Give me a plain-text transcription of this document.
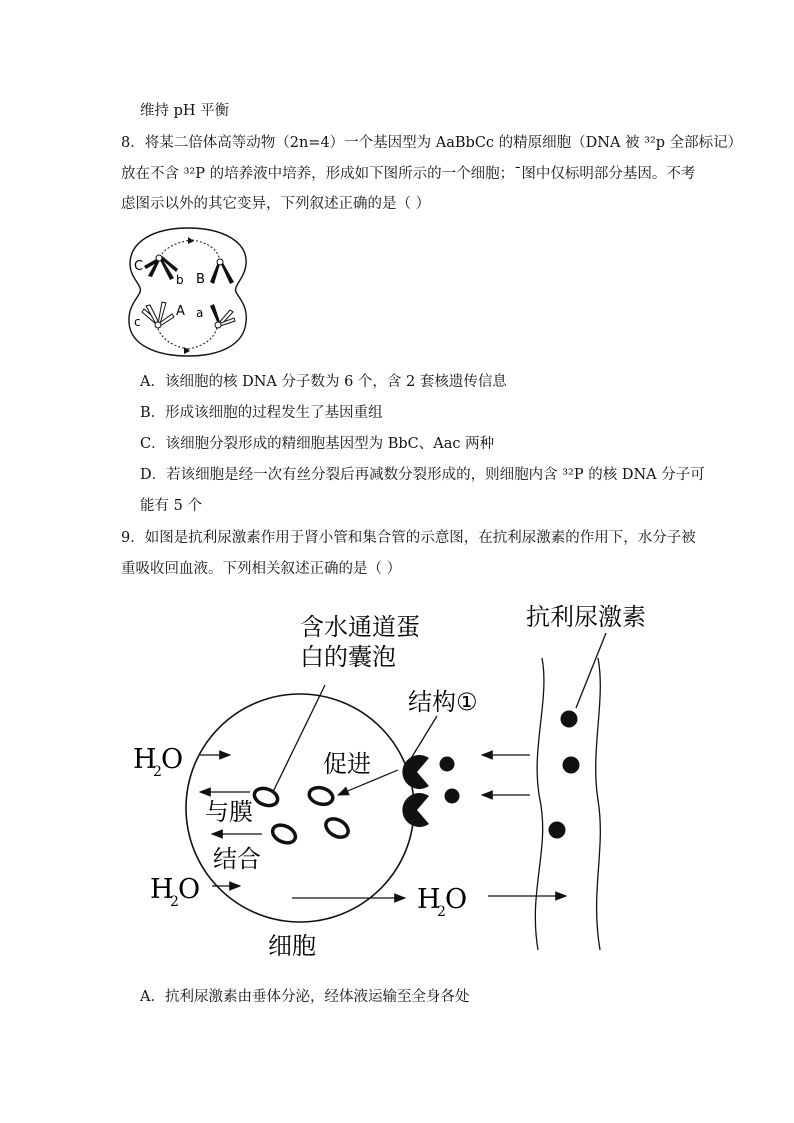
维持 pH 平衡
8．将某二倍体高等动物（2n=4）一个基因型为 AaBbCc 的精原细胞（DNA 被 ³²p 全部标记）
放在不含 ³²P 的培养液中培养，形成如下图所示的一个细胞；ˉ图中仅标明部分基因。不考
虑图示以外的其它变异，下列叙述正确的是（ ）
C
b B
A
c
a
A．该细胞的核 DNA 分子数为 6 个，含 2 套核遗传信息
B．形成该细胞的过程发生了基因重组
C．该细胞分裂形成的精细胞基因型为 BbC、Aac 两种
D．若该细胞是经一次有丝分裂后再减数分裂形成的，则细胞内含 ³²P 的核 DNA 分子可
能有 5 个
9．如图是抗利尿激素作用于肾小管和集合管的示意图，在抗利尿激素的作用下，水分子被
重吸收回血液。下列相关叙述正确的是（ ）
抗利尿激素
含水通道蛋
白的囊泡
结构①
促进
与膜
结合
细胞
H
2 O
H
2 O	H
2 O
A．抗利尿激素由垂体分泌，经体液运输至全身各处
